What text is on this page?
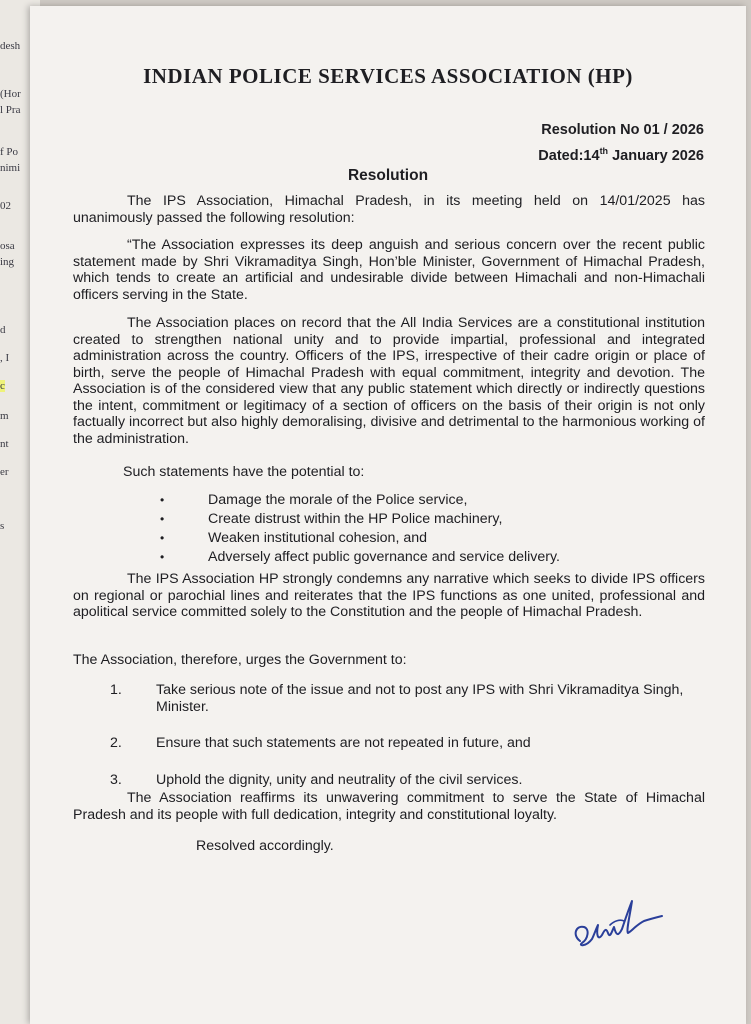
desh
(Hor
l Pra
f Po
nimi
02
osa
ing
d
, I
c
m
nt
er
s
INDIAN POLICE SERVICES ASSOCIATION (HP)
Resolution No 01 / 2026
Dated:14th January 2026
Resolution
The IPS Association, Himachal Pradesh, in its meeting held on 14/01/2025 has unanimously passed the following resolution:
“The Association expresses its deep anguish and serious concern over the recent public statement made by Shri Vikramaditya Singh, Hon’ble Minister, Government of Himachal Pradesh, which tends to create an artificial and undesirable divide between Himachali and non-Himachali officers serving in the State.
The Association places on record that the All India Services are a constitutional institution created to strengthen national unity and to provide impartial, professional and integrated administration across the country. Officers of the IPS, irrespective of their cadre origin or place of birth, serve the people of Himachal Pradesh with equal commitment, integrity and devotion. The Association is of the considered view that any public statement which directly or indirectly questions the intent, commitment or legitimacy of a section of officers on the basis of their origin is not only factually incorrect but also highly demoralising, divisive and detrimental to the harmonious working of the administration.
Such statements have the potential to:
•	Damage the morale of the Police service,
•	Create distrust within the HP Police machinery,
•	Weaken institutional cohesion, and
•	Adversely affect public governance and service delivery.
The IPS Association HP strongly condemns any narrative which seeks to divide IPS officers on regional or parochial lines and reiterates that the IPS functions as one united, professional and apolitical service committed solely to the Constitution and the people of Himachal Pradesh.
The Association, therefore, urges the Government to:
1.	Take serious note of the issue and not to post any IPS with Shri Vikramaditya Singh, Minister.
2.	Ensure that such statements are not repeated in future, and
3.	Uphold the dignity, unity and neutrality of the civil services.
The Association reaffirms its unwavering commitment to serve the State of Himachal Pradesh and its people with full dedication, integrity and constitutional loyalty.
Resolved accordingly.
